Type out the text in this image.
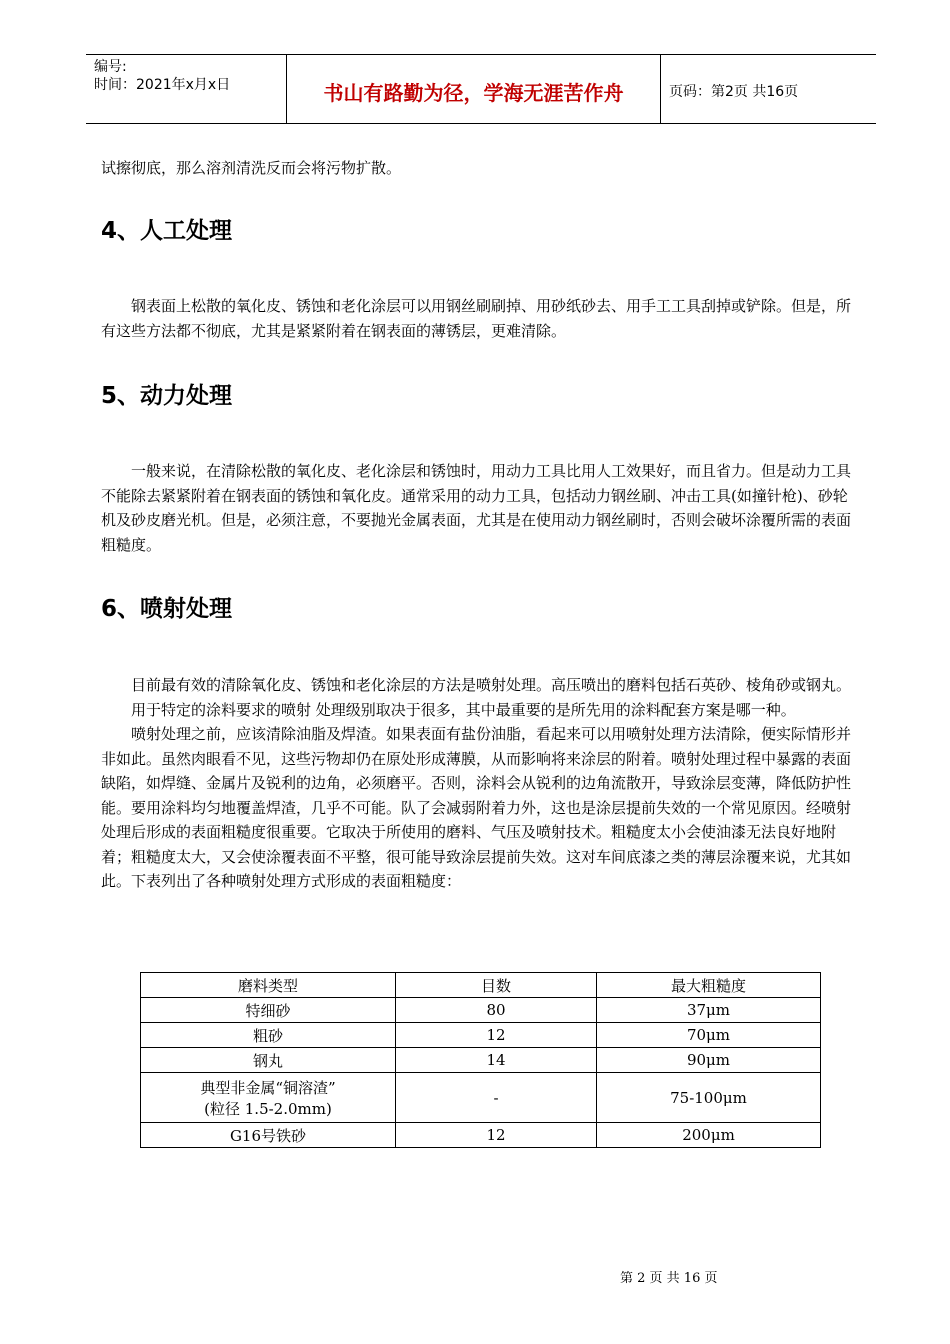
编号:
时间：2021年x月x日	书山有路勤为径，学海无涯苦作舟	页码：第2页 共16页

试擦彻底，那么溶剂清洗反而会将污物扩散。

4、人工处理

钢表面上松散的氧化皮、锈蚀和老化涂层可以用钢丝刷刷掉、用砂纸砂去、用手工工具刮掉或铲除。但是，所有这些方法都不彻底，尤其是紧紧附着在钢表面的薄锈层，更难清除。

5、动力处理

一般来说，在清除松散的氧化皮、老化涂层和锈蚀时，用动力工具比用人工效果好，而且省力。但是动力工具不能除去紧紧附着在钢表面的锈蚀和氧化皮。通常采用的动力工具，包括动力钢丝刷、冲击工具(如撞针枪)、砂轮机及砂皮磨光机。但是，必须注意，不要抛光金属表面，尤其是在使用动力钢丝刷时，否则会破坏涂覆所需的表面粗糙度。

6、喷射处理

目前最有效的清除氧化皮、锈蚀和老化涂层的方法是喷射处理。高压喷出的磨料包括石英砂、棱角砂或钢丸。

用于特定的涂料要求的喷射 处理级别取决于很多，其中最重要的是所先用的涂料配套方案是哪一种。

喷射处理之前，应该清除油脂及焊渣。如果表面有盐份油脂，看起来可以用喷射处理方法清除，便实际情形并非如此。虽然肉眼看不见，这些污物却仍在原处形成薄膜，从而影响将来涂层的附着。喷射处理过程中暴露的表面缺陷，如焊缝、金属片及锐利的边角，必须磨平。否则，涂料会从锐利的边角流散开，导致涂层变薄，降低防护性能。要用涂料均匀地覆盖焊渣，几乎不可能。队了会减弱附着力外，这也是涂层提前失效的一个常见原因。经喷射处理后形成的表面粗糙度很重要。它取决于所使用的磨料、气压及喷射技术。粗糙度太小会使油漆无法良好地附着；粗糙度太大，又会使涂覆表面不平整，很可能导致涂层提前失效。这对车间底漆之类的薄层涂覆来说，尤其如此。下表列出了各种喷射处理方式形成的表面粗糙度：

磨料类型	目数	最大粗糙度
特细砂	80	37μm
粗砂	12	70μm
钢丸	14	90μm

典型非金属“铜溶渣”
(粒径 1.5-2.0mm)	-	75-100μm
G16号铁砂	12	200μm
第 2 页 共 16 页
